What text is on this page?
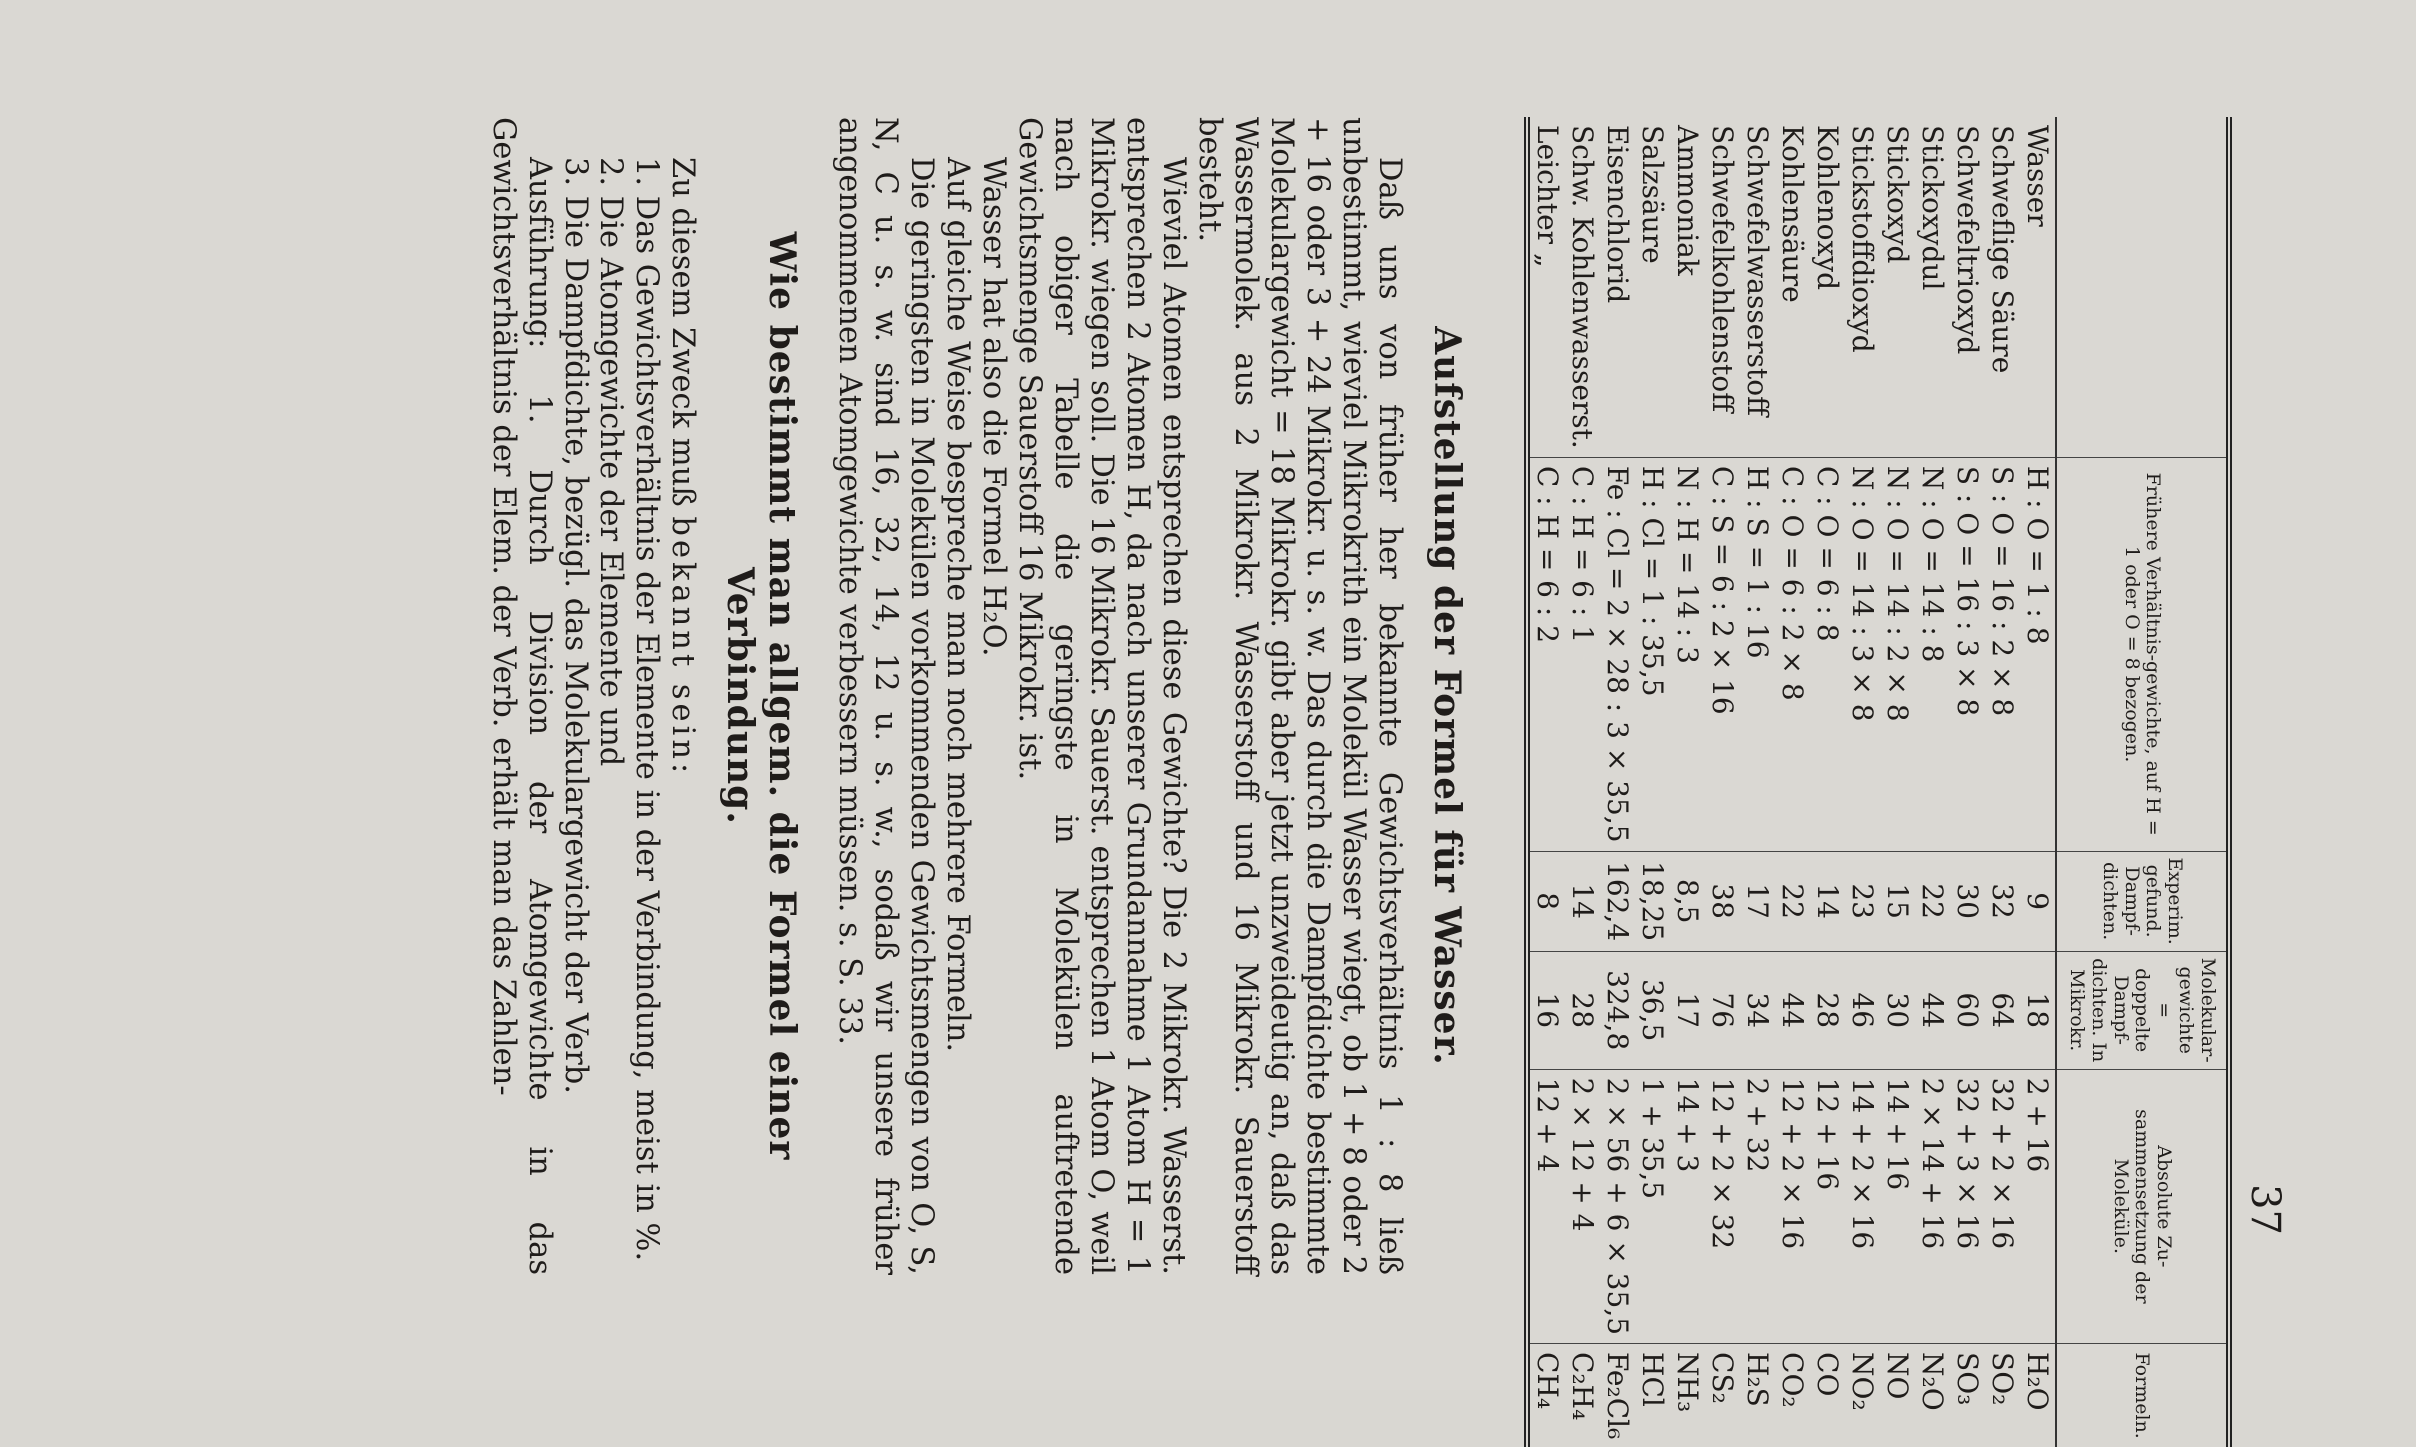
37
	Frühere Verhältnis-gewichte, auf H = 1 oder O = 8 bezogen.	Experim. gefund. Dampf-dichten.	Molekular-gewichte = doppelte Dampf-dichten. In Mikrokr.	Absolute Zu-sammensetzung der Moleküle.	Formeln.
Wasser	H : O = 1 : 8	9	18	2 + 16	H₂O
Schweflige Säure	S : O = 16 : 2 × 8	32	64	32 + 2 × 16	SO₂
Schwefeltrioxyd	S : O = 16 : 3 × 8	30	60	32 + 3 × 16	SO₃
Stickoxydul	N : O = 14 : 8	22	44	2 × 14 + 16	N₂O
Stickoxyd	N : O = 14 : 2 × 8	15	30	14 + 16	NO
Stickstoffdioxyd	N : O = 14 : 3 × 8	23	46	14 + 2 × 16	NO₂
Kohlenoxyd	C : O = 6 : 8	14	28	12 + 16	CO
Kohlensäure	C : O = 6 : 2 × 8	22	44	12 + 2 × 16	CO₂
Schwefelwasserstoff	H : S = 1 : 16	17	34	2 + 32	H₂S
Schwefelkohlenstoff	C : S = 6 : 2 × 16	38	76	12 + 2 × 32	CS₂
Ammoniak	N : H = 14 : 3	8,5	17	14 + 3	NH₃
Salzsäure	H : Cl = 1 : 35,5	18,25	36,5	1 + 35,5	HCl
Eisenchlorid	Fe : Cl = 2 × 28 : 3 × 35,5	162,4	324,8	2 × 56 + 6 × 35,5	Fe₂Cl₆
Schw. Kohlenwasserst.	C : H = 6 : 1	14	28	2 × 12 + 4	C₂H₄
Leichter „	C : H = 6 : 2	8	16	12 + 4	CH₄
Aufstellung der Formel für Wasser.

Daß uns von früher her bekannte Gewichtsverhältnis 1 : 8 ließ unbestimmt, wieviel Mikrokrith ein Molekül Wasser wiegt, ob 1 + 8 oder 2 + 16 oder 3 + 24 Mikrokr. u. s. w. Das durch die Dampfdichte bestimmte Molekulargewicht = 18 Mikrokr. gibt aber jetzt unzweideutig an, daß das Wassermolek. aus 2 Mikrokr. Wasserstoff und 16 Mikrokr. Sauerstoff besteht.

Wieviel Atomen entsprechen diese Gewichte? Die 2 Mikrokr. Wasserst. entsprechen 2 Atomen H, da nach unserer Grundannahme 1 Atom H = 1 Mikrokr. wiegen soll. Die 16 Mikrokr. Sauerst. entsprechen 1 Atom O, weil nach obiger Tabelle die geringste in Molekülen auftretende Gewichtsmenge Sauerstoff 16 Mikrokr. ist.

Wasser hat also die Formel H₂O.

Auf gleiche Weise bespreche man noch mehrere Formeln.

Die geringsten in Molekülen vorkommenden Gewichtsmengen von O, S, N, C u. s. w. sind 16, 32, 14, 12 u. s. w., sodaß wir unsere früher angenommenen Atomgewichte verbessern müssen. s. S. 33.

Wie bestimmt man allgem. die Formel einer Verbindung.

Zu diesem Zweck muß bekannt sein:

1. Das Gewichtsverhältnis der Elemente in der Verbindung, meist in %.

2. Die Atomgewichte der Elemente und

3. Die Dampfdichte, bezügl. das Molekulargewicht der Verb.

Ausführung: 1. Durch Division der Atomgewichte in das Gewichtsverhältnis der Elem. der Verb. erhält man das Zahlen-
